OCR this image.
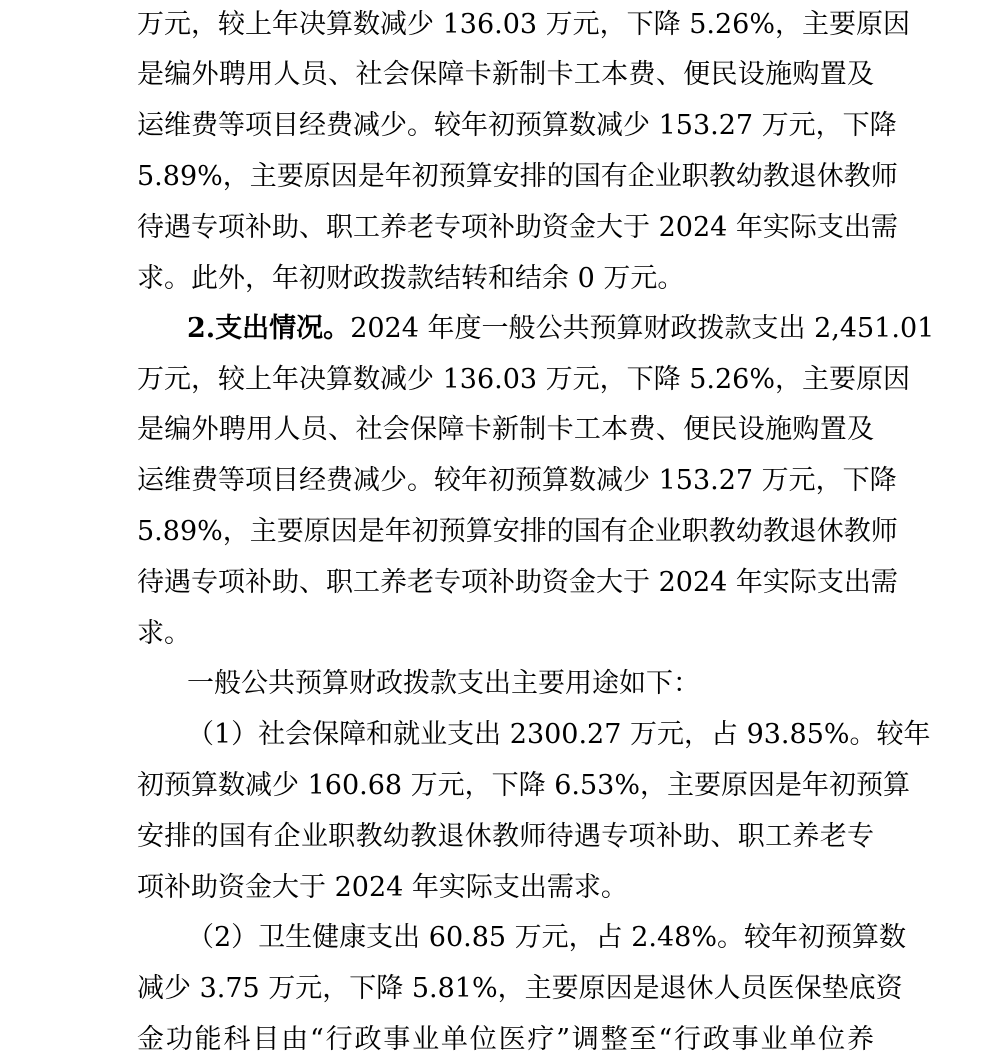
万元，较上年决算数减少 136.03 万元，下降 5.26%，主要原因
是编外聘用人员、社会保障卡新制卡工本费、便民设施购置及
运维费等项目经费减少。较年初预算数减少 153.27 万元，下降
5.89%，主要原因是年初预算安排的国有企业职教幼教退休教师
待遇专项补助、职工养老专项补助资金大于 2024 年实际支出需
求。此外，年初财政拨款结转和结余 0 万元。
2.支出情况。2024 年度一般公共预算财政拨款支出 2,451.01
万元，较上年决算数减少 136.03 万元，下降 5.26%，主要原因
是编外聘用人员、社会保障卡新制卡工本费、便民设施购置及
运维费等项目经费减少。较年初预算数减少 153.27 万元，下降
5.89%，主要原因是年初预算安排的国有企业职教幼教退休教师
待遇专项补助、职工养老专项补助资金大于 2024 年实际支出需
求。
一般公共预算财政拨款支出主要用途如下：
（1）社会保障和就业支出 2300.27 万元，占 93.85%。较年
初预算数减少 160.68 万元，下降 6.53%，主要原因是年初预算
安排的国有企业职教幼教退休教师待遇专项补助、职工养老专
项补助资金大于 2024 年实际支出需求。
（2）卫生健康支出 60.85 万元，占 2.48%。较年初预算数
减少 3.75 万元，下降 5.81%，主要原因是退休人员医保垫底资
金功能科目由“行政事业单位医疗”调整至“行政事业单位养
